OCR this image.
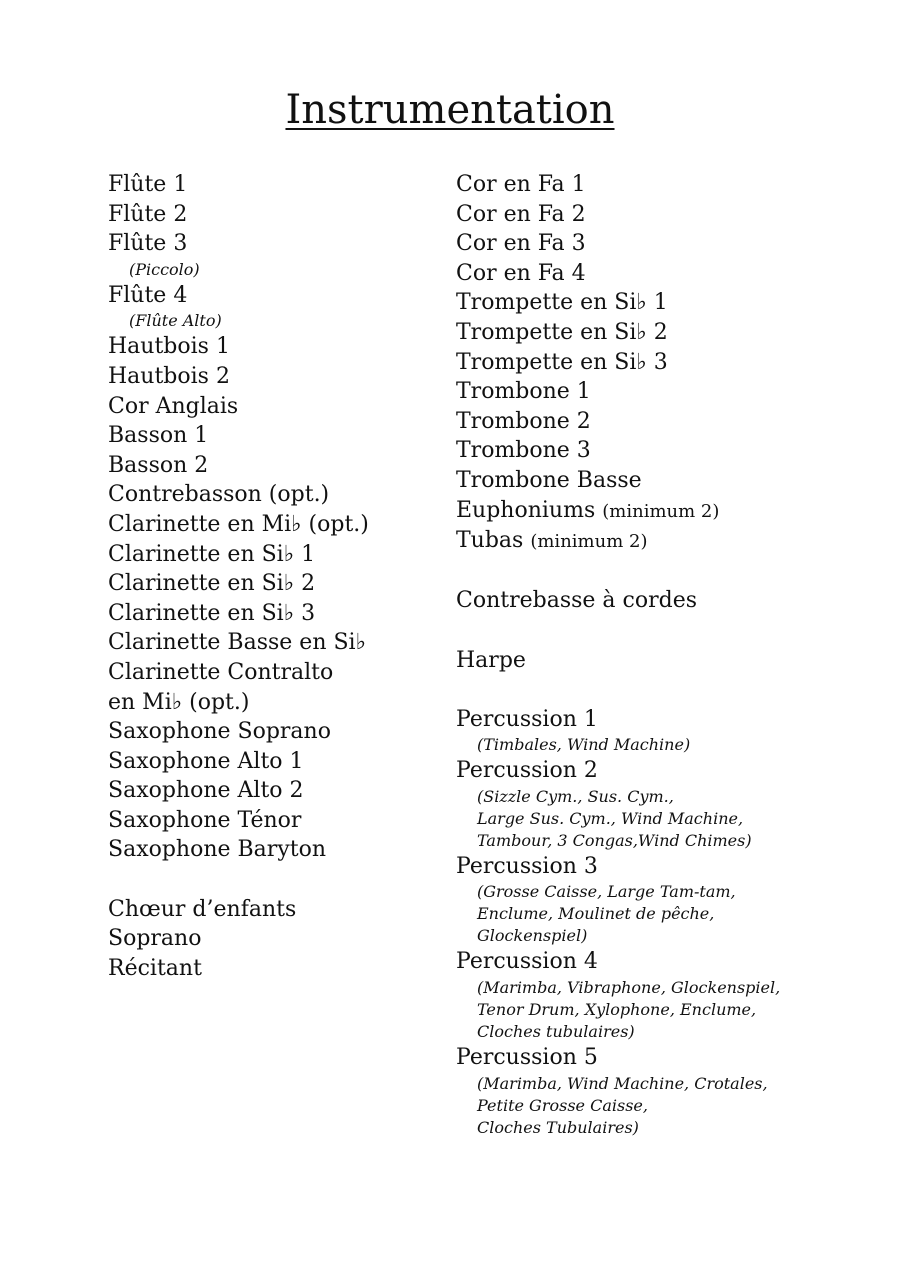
Instrumentation
Flûte 1
Flûte 2
Flûte 3
(Piccolo)
Flûte 4
(Flûte Alto)
Hautbois 1
Hautbois 2
Cor Anglais
Basson 1
Basson 2
Contrebasson (opt.)
Clarinette en Mi♭ (opt.)
Clarinette en Si♭ 1
Clarinette en Si♭ 2
Clarinette en Si♭ 3
Clarinette Basse en Si♭
Clarinette Contralto
en Mi♭ (opt.)
Saxophone Soprano
Saxophone Alto 1
Saxophone Alto 2
Saxophone Ténor
Saxophone Baryton
Chœur d’enfants
Soprano
Récitant
Cor en Fa 1
Cor en Fa 2
Cor en Fa 3
Cor en Fa 4
Trompette en Si♭ 1
Trompette en Si♭ 2
Trompette en Si♭ 3
Trombone 1
Trombone 2
Trombone 3
Trombone Basse
Euphoniums (minimum 2)
Tubas (minimum 2)
Contrebasse à cordes
Harpe
Percussion 1
(Timbales, Wind Machine)
Percussion 2
(Sizzle Cym., Sus. Cym.,
Large Sus. Cym., Wind Machine,
Tambour, 3 Congas,Wind Chimes)
Percussion 3
(Grosse Caisse, Large Tam-tam,
Enclume, Moulinet de pêche,
Glockenspiel)
Percussion 4
(Marimba, Vibraphone, Glockenspiel,
Tenor Drum, Xylophone, Enclume,
Cloches tubulaires)
Percussion 5
(Marimba, Wind Machine, Crotales,
Petite Grosse Caisse,
Cloches Tubulaires)
